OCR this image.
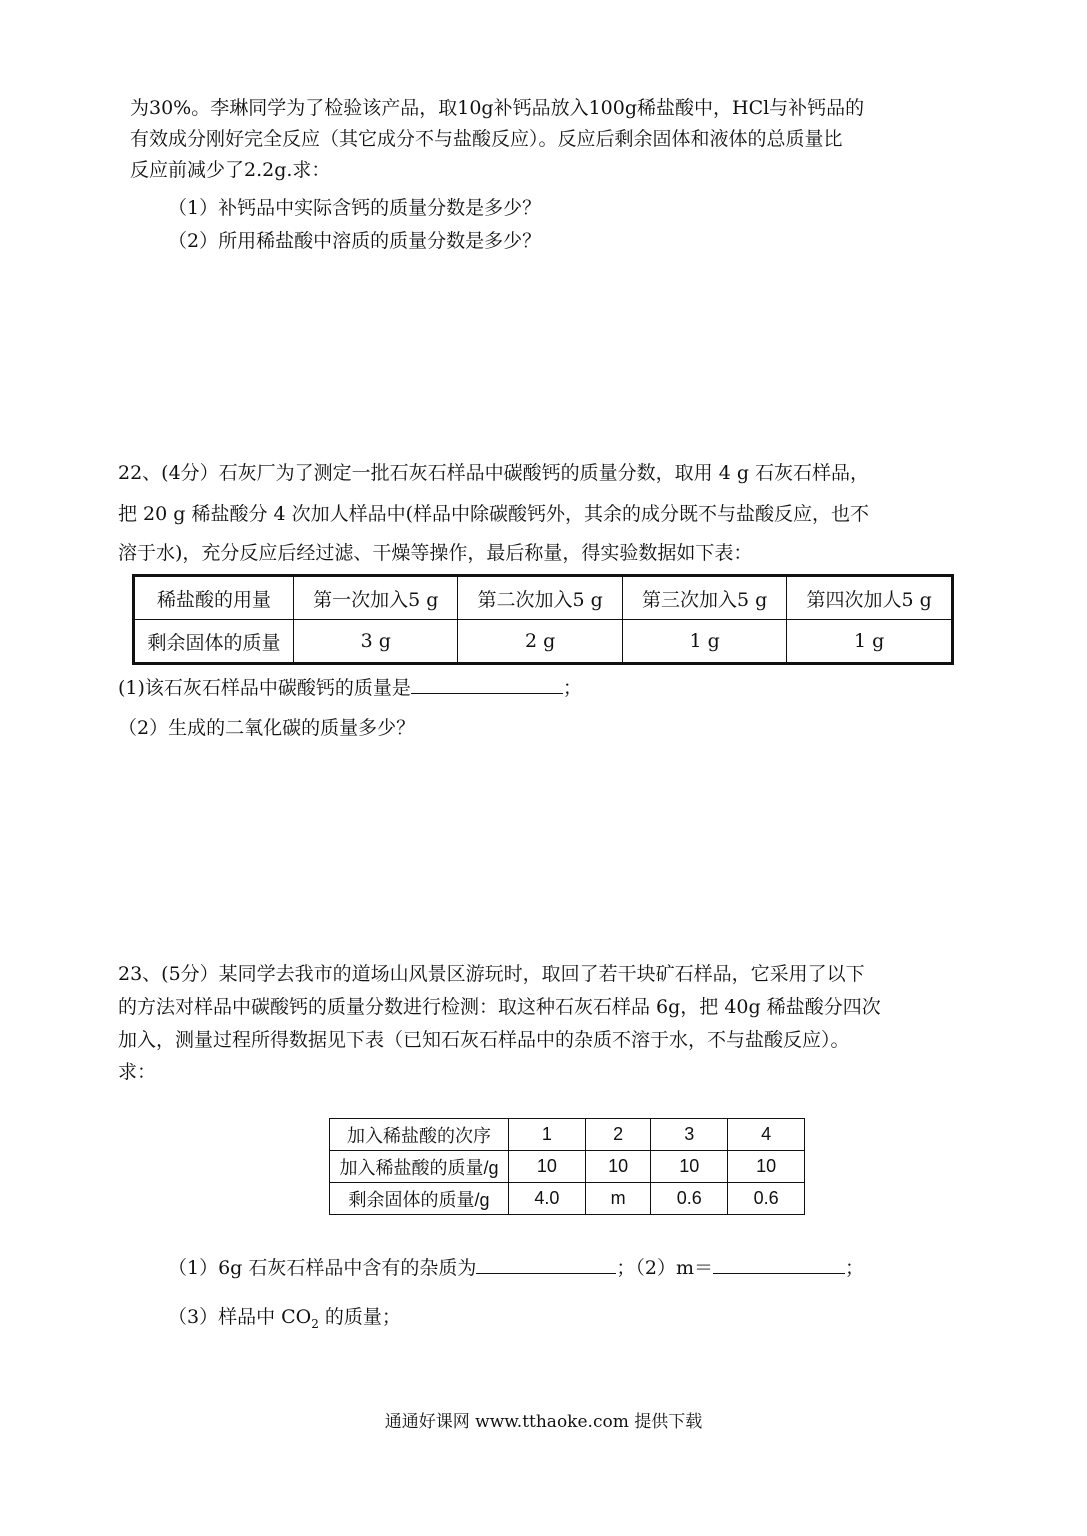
为30%。李琳同学为了检验该产品，取10g补钙品放入100g稀盐酸中，HCl与补钙品的
有效成分刚好完全反应（其它成分不与盐酸反应）。反应后剩余固体和液体的总质量比
反应前减少了2.2g.求：
（1）补钙品中实际含钙的质量分数是多少？
（2）所用稀盐酸中溶质的质量分数是多少？
22、(4分）石灰厂为了测定一批石灰石样品中碳酸钙的质量分数，取用 4 g 石灰石样品，
把 20 g 稀盐酸分 4 次加人样品中(样品中除碳酸钙外，其余的成分既不与盐酸反应，也不
溶于水)，充分反应后经过滤、干燥等操作，最后称量，得实验数据如下表：
稀盐酸的用量	第一次加入5 g	第二次加入5 g	第三次加入5 g	第四次加人5 g
剩余固体的质量	3 g	2 g	1 g	1 g
(1)该石灰石样品中碳酸钙的质量是	；
（2）生成的二氧化碳的质量多少？
23、(5分）某同学去我市的道场山风景区游玩时，取回了若干块矿石样品，它采用了以下
的方法对样品中碳酸钙的质量分数进行检测：取这种石灰石样品 6g，把 40g 稀盐酸分四次
加入，测量过程所得数据见下表（已知石灰石样品中的杂质不溶于水，不与盐酸反应）。
求：
加入稀盐酸的次序	1	2	3	4
加入稀盐酸的质量/g	10	10	10	10
剩余固体的质量/g	4.0	m	0.6	0.6
（1）6g 石灰石样品中含有的杂质为	；（2）m＝	；
（3）样品中 $CO_2$ 的质量；
通通好课网 www.tthaoke.com 提供下载
